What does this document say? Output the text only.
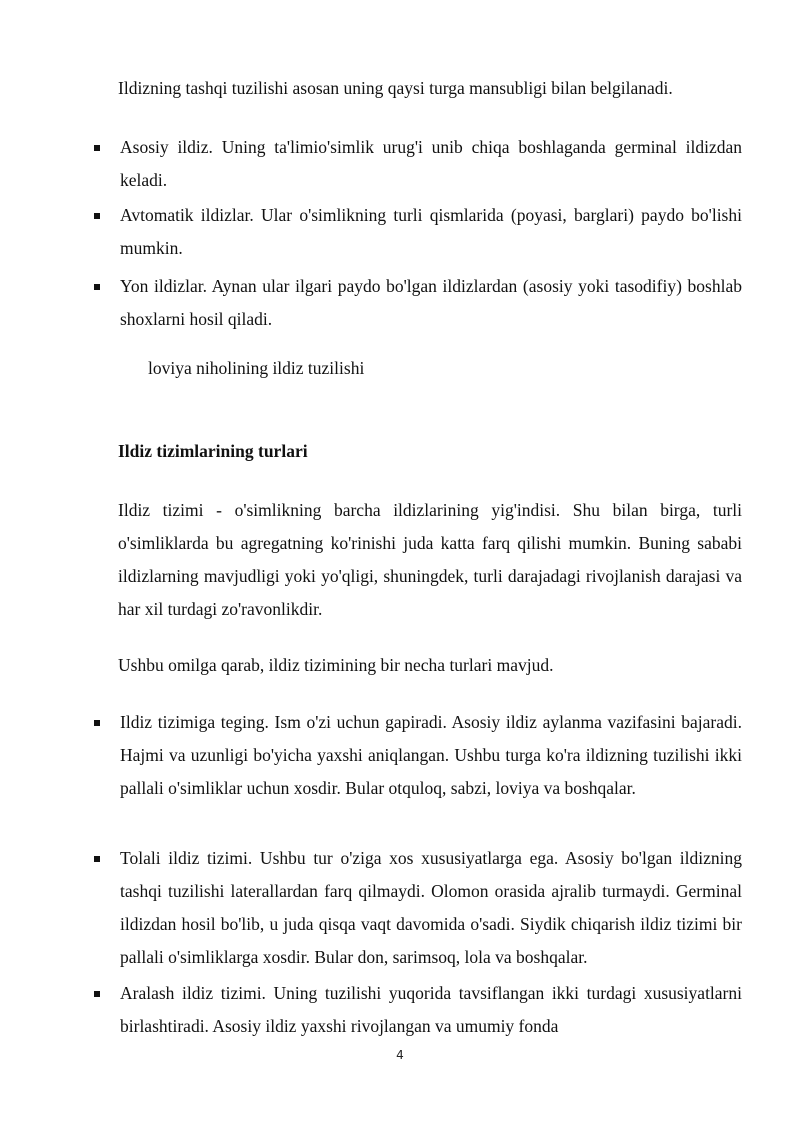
Ildizning tashqi tuzilishi asosan uning qaysi turga mansubligi bilan belgilanadi.
Asosiy ildiz. Uning ta'limio'simlik urug'i unib chiqa boshlaganda germinal ildizdan keladi.
Avtomatik ildizlar. Ular o'simlikning turli qismlarida (poyasi, barglari) paydo bo'lishi mumkin.
Yon ildizlar. Aynan ular ilgari paydo bo'lgan ildizlardan (asosiy yoki tasodifiy) boshlab shoxlarni hosil qiladi.
loviya niholining ildiz tuzilishi
Ildiz tizimlarining turlari
Ildiz tizimi - o'simlikning barcha ildizlarining yig'indisi. Shu bilan birga, turli o'simliklarda bu agregatning ko'rinishi juda katta farq qilishi mumkin. Buning sababi ildizlarning mavjudligi yoki yo'qligi, shuningdek, turli darajadagi rivojlanish darajasi va har xil turdagi zo'ravonlikdir.
Ushbu omilga qarab, ildiz tizimining bir necha turlari mavjud.
Ildiz tizimiga teging. Ism o'zi uchun gapiradi. Asosiy ildiz aylanma vazifasini bajaradi. Hajmi va uzunligi bo'yicha yaxshi aniqlangan. Ushbu turga ko'ra ildizning tuzilishi ikki pallali o'simliklar uchun xosdir. Bular otquloq, sabzi, loviya va boshqalar.
Tolali ildiz tizimi. Ushbu tur o'ziga xos xususiyatlarga ega. Asosiy bo'lgan ildizning tashqi tuzilishi laterallardan farq qilmaydi. Olomon orasida ajralib turmaydi. Germinal ildizdan hosil bo'lib, u juda qisqa vaqt davomida o'sadi. Siydik chiqarish ildiz tizimi bir pallali o'simliklarga xosdir. Bular don, sarimsoq, lola va boshqalar.
Aralash ildiz tizimi. Uning tuzilishi yuqorida tavsiflangan ikki turdagi xususiyatlarni birlashtiradi. Asosiy ildiz yaxshi rivojlangan va umumiy fonda
4
